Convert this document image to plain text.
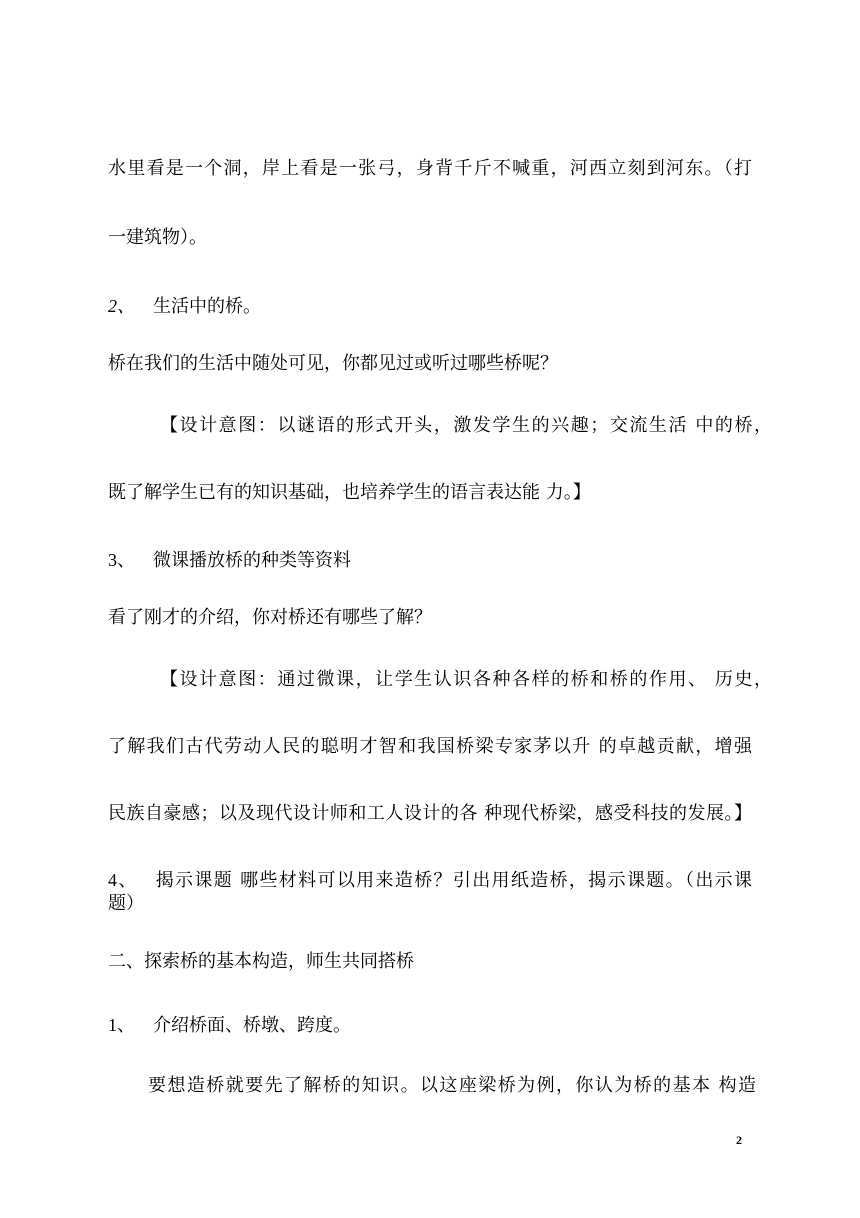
水里看是一个洞，岸上看是一张弓，身背千斤不喊重，河西立刻到河东。（打
一建筑物）。
2、 生活中的桥。
桥在我们的生活中随处可见，你都见过或听过哪些桥呢？
【设计意图：以谜语的形式开头，激发学生的兴趣；交流生活 中的桥，
既了解学生已有的知识基础，也培养学生的语言表达能 力。】
3、 微课播放桥的种类等资料
看了刚才的介绍，你对桥还有哪些了解？
【设计意图：通过微课，让学生认识各种各样的桥和桥的作用、 历史，
了解我们古代劳动人民的聪明才智和我国桥梁专家茅以升 的卓越贡献，增强
民族自豪感；以及现代设计师和工人设计的各 种现代桥梁，感受科技的发展。】
4、 揭示课题 哪些材料可以用来造桥？引出用纸造桥，揭示课题。（出示课
题）
二、探索桥的基本构造，师生共同搭桥
1、 介绍桥面、桥墩、跨度。
要想造桥就要先了解桥的知识。以这座梁桥为例，你认为桥的基本 构造
2
